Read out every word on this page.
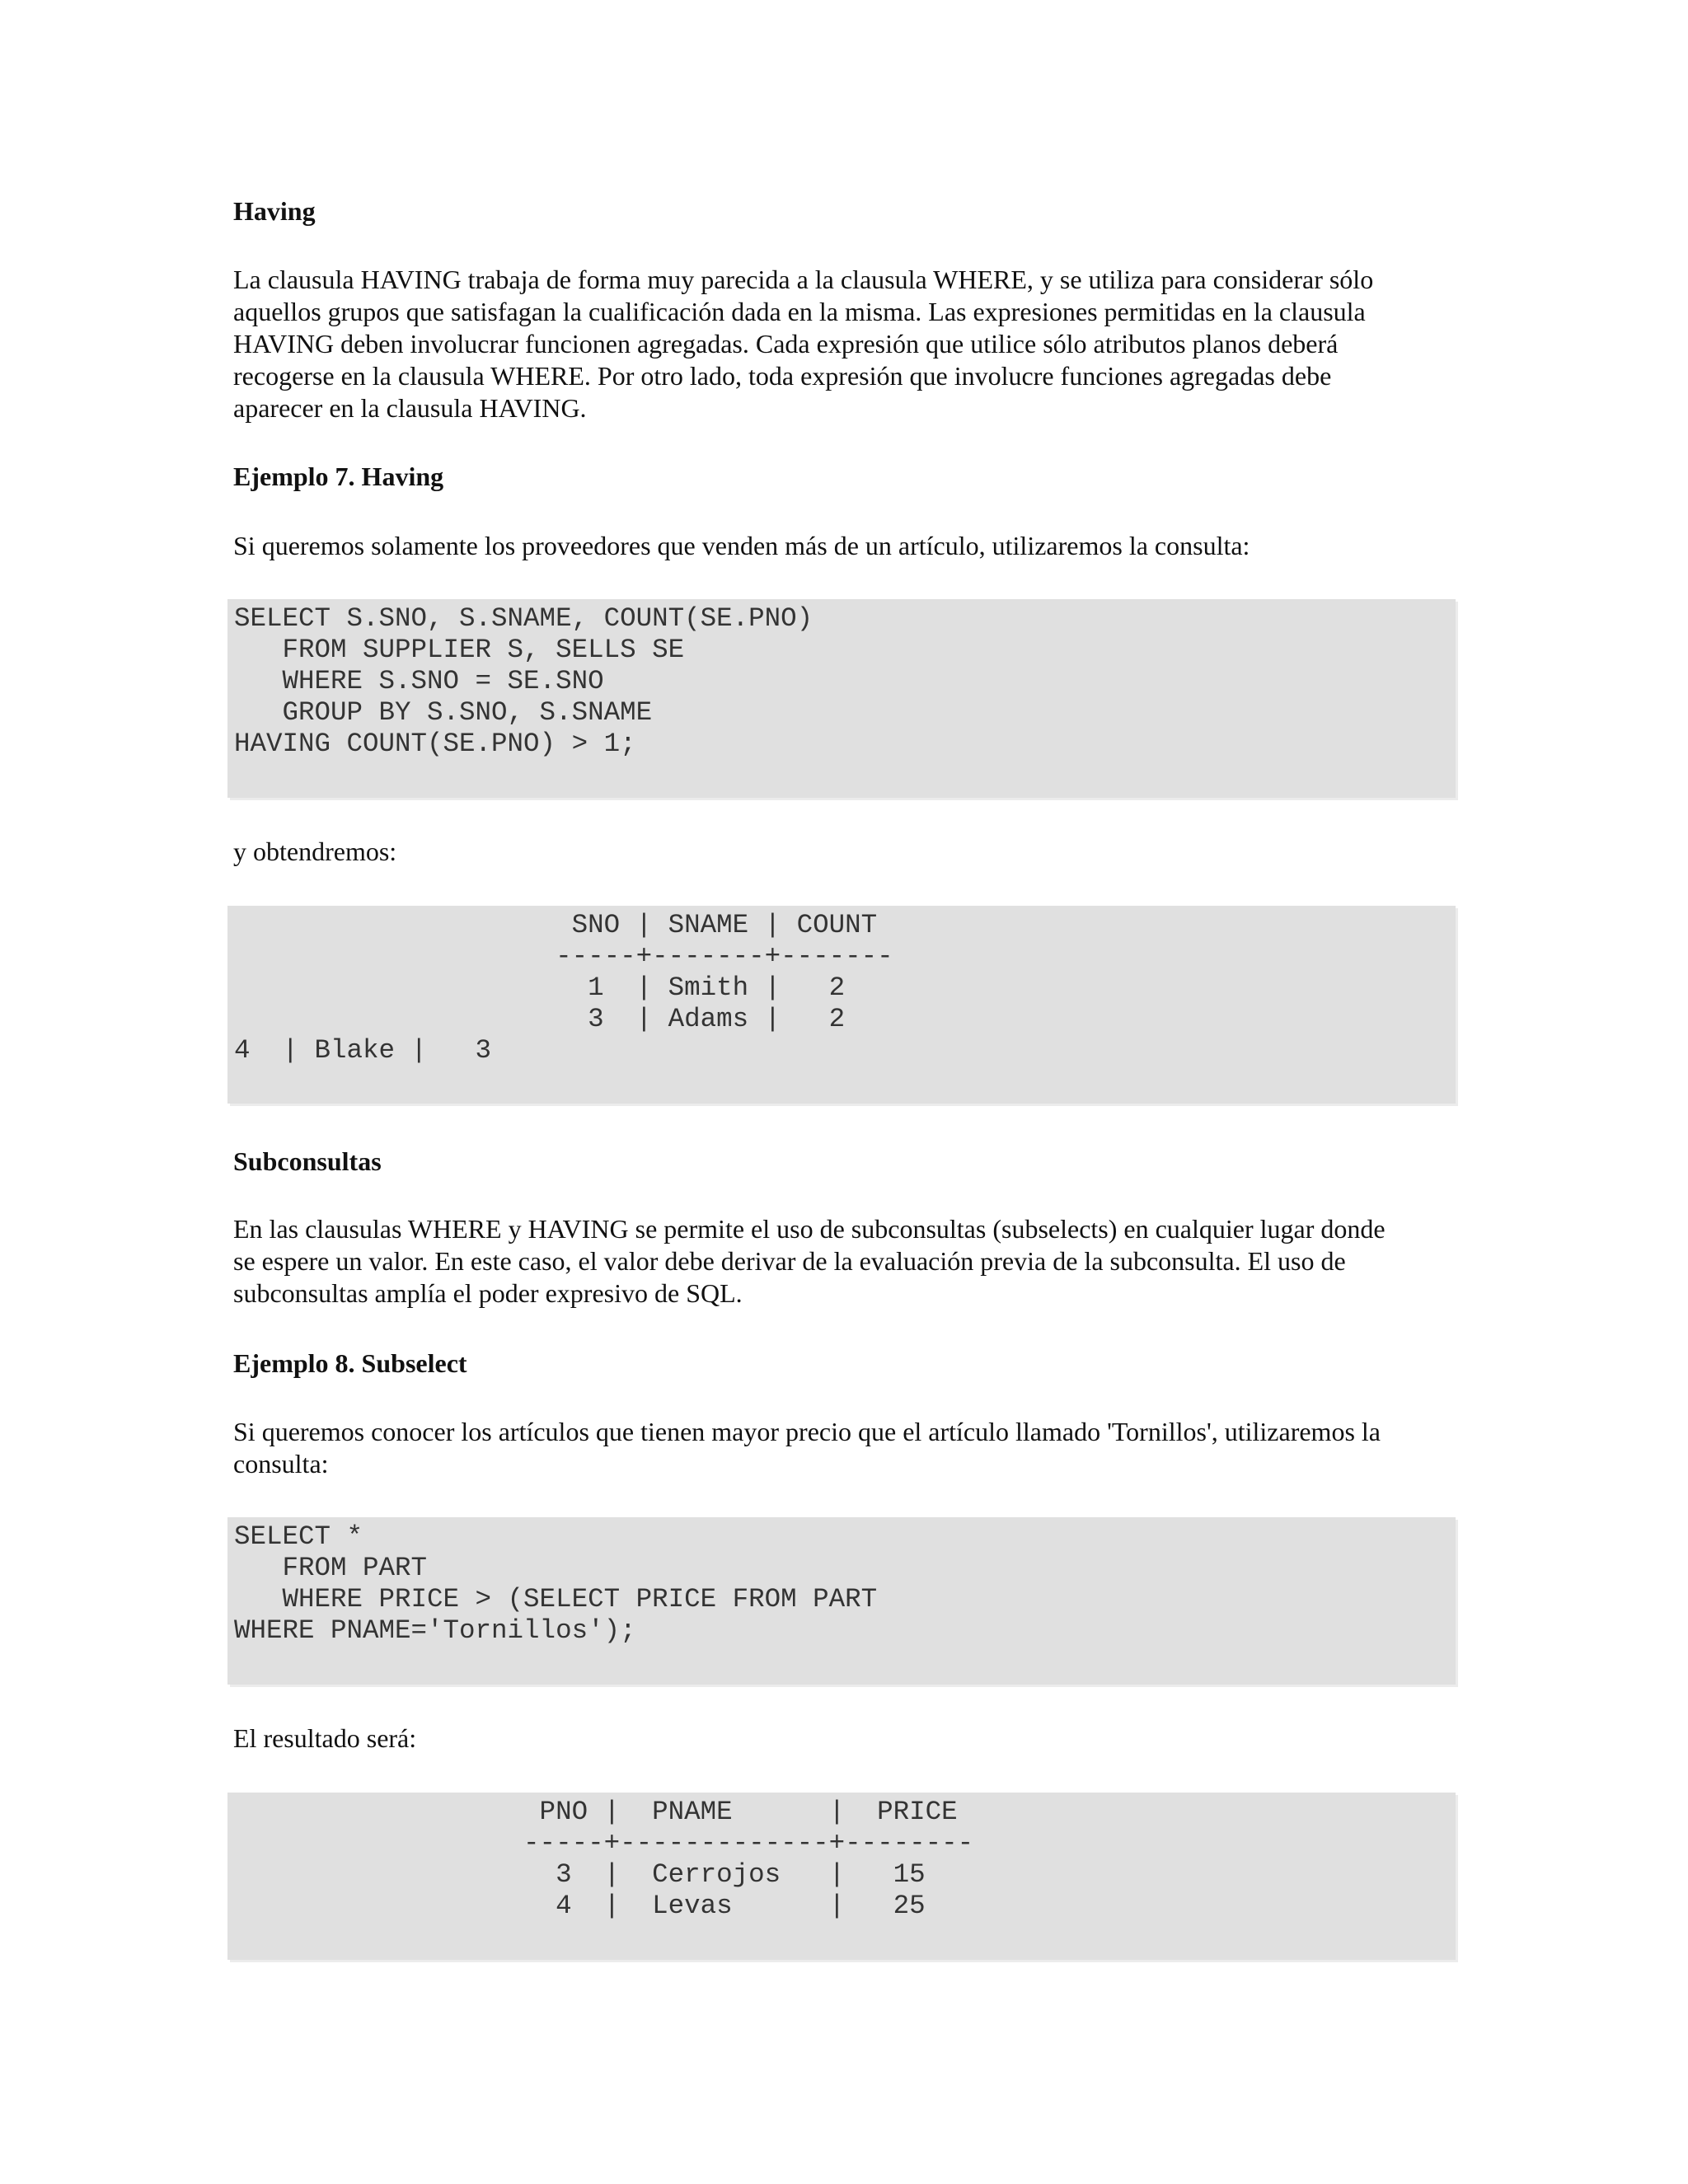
Having

La clausula HAVING trabaja de forma muy parecida a la clausula WHERE, y se utiliza para considerar sólo
aquellos grupos que satisfagan la cualificación dada en la misma. Las expresiones permitidas en la clausula
HAVING deben involucrar funcionen agregadas. Cada expresión que utilice sólo atributos planos deberá
recogerse en la clausula WHERE. Por otro lado, toda expresión que involucre funciones agregadas debe
aparecer en la clausula HAVING.

Ejemplo 7. Having

Si queremos solamente los proveedores que venden más de un artículo, utilizaremos la consulta:

SELECT S.SNO, S.SNAME, COUNT(SE.PNO)
FROM SUPPLIER S, SELLS SE
WHERE S.SNO = SE.SNO
GROUP BY S.SNO, S.SNAME
HAVING COUNT(SE.PNO) > 1;

y obtendremos:

SNO | SNAME | COUNT
-----+-------+-------
1  | Smith |   2
3  | Adams |   2
4  | Blake |   3
Subconsultas

En las clausulas WHERE y HAVING se permite el uso de subconsultas (subselects) en cualquier lugar donde
se espere un valor. En este caso, el valor debe derivar de la evaluación previa de la subconsulta. El uso de
subconsultas amplía el poder expresivo de SQL.

Ejemplo 8. Subselect

Si queremos conocer los artículos que tienen mayor precio que el artículo llamado 'Tornillos', utilizaremos la
consulta:

SELECT *
FROM PART
WHERE PRICE > (SELECT PRICE FROM PART
WHERE PNAME='Tornillos');

El resultado será:

PNO |  PNAME      |  PRICE
-----+-------------+--------
3  |  Cerrojos   |   15
4  |  Levas      |   25
